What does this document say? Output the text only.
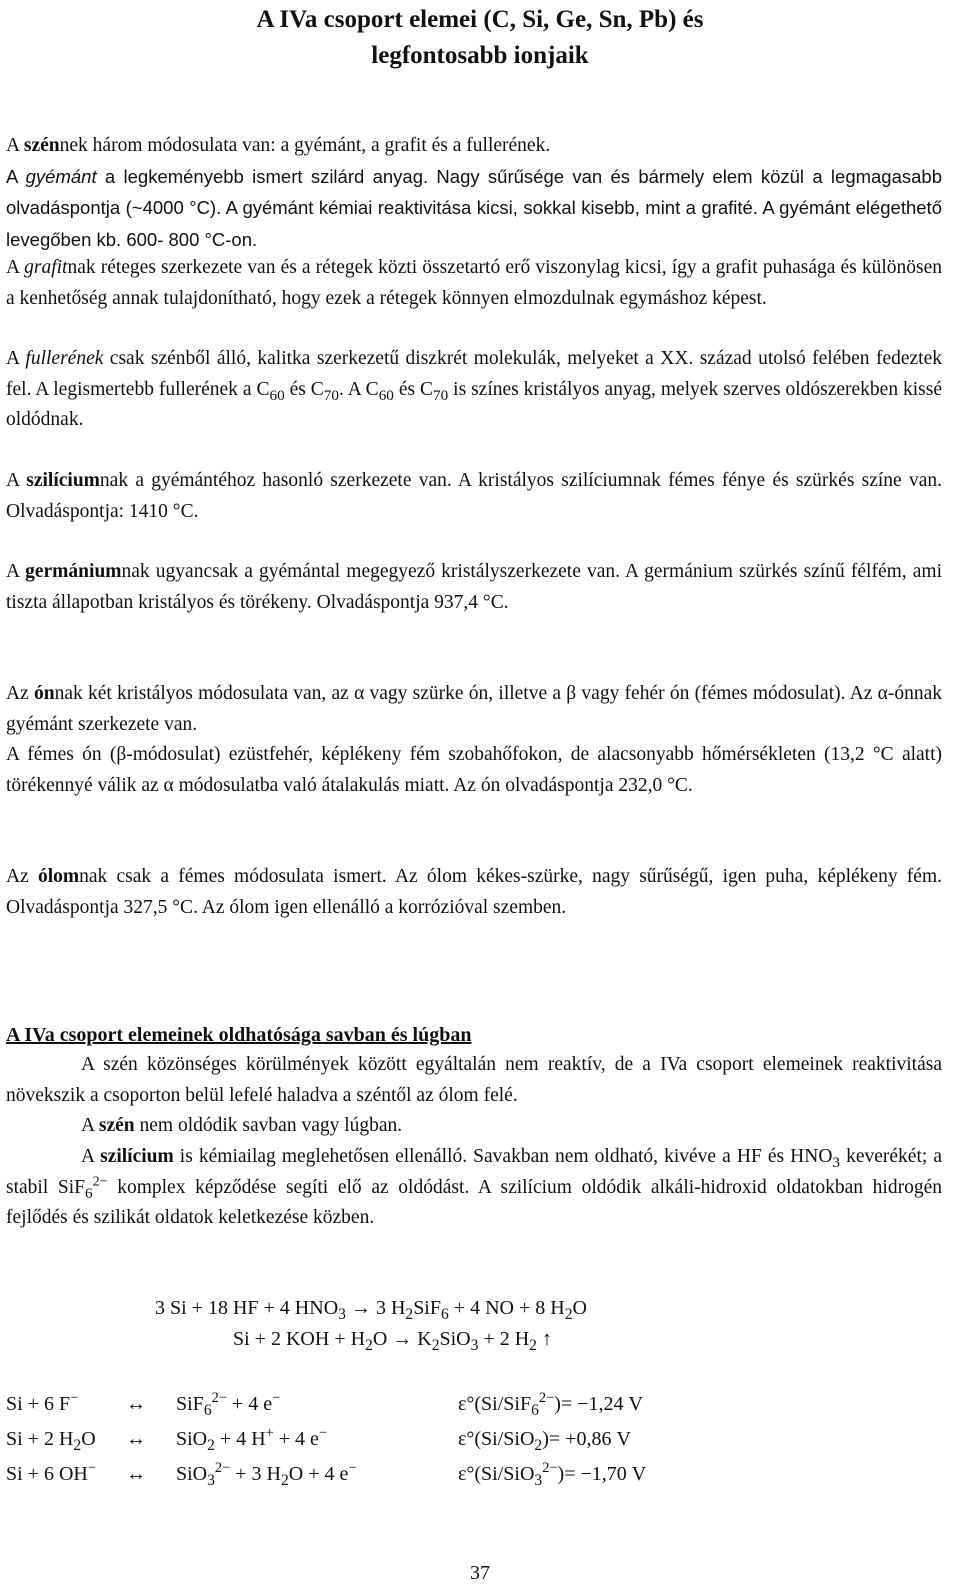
A IVa csoport elemei (C, Si, Ge, Sn, Pb) és
legfontosabb ionjaik
A szénnek három módosulata van: a gyémánt, a grafit és a fullerének.
A gyémánt a legkeményebb ismert szilárd anyag. Nagy sűrűsége van és bármely elem közül a legmagasabb olvadáspontja (~4000 °C). A gyémánt kémiai reaktivitása kicsi, sokkal kisebb, mint a grafité. A gyémánt elégethető levegőben kb. 600- 800 °C-on.
A grafitnak réteges szerkezete van és a rétegek közti összetartó erő viszonylag kicsi, így a grafit puhasága és különösen a kenhetőség annak tulajdonítható, hogy ezek a rétegek könnyen elmozdulnak egymáshoz képest.
A fullerének csak szénből álló, kalitka szerkezetű diszkrét molekulák, melyeket a XX. század utolsó felében fedeztek fel. A legismertebb fullerének a $C_{60}$ és $C_{70}$. A $C_{60}$ és $C_{70}$ is színes kristályos anyag, melyek szerves oldószerekben kissé oldódnak.
A szilíciumnak a gyémántéhoz hasonló szerkezete van. A kristályos szilíciumnak fémes fénye és szürkés színe van. Olvadáspontja: 1410 °C.
A germániumnak ugyancsak a gyémántal megegyező kristályszerkezete van. A germánium szürkés színű félfém, ami tiszta állapotban kristályos és törékeny. Olvadáspontja 937,4 °C.
Az ónnak két kristályos módosulata van, az α vagy szürke ón, illetve a β vagy fehér ón (fémes módosulat). Az α-ónnak gyémánt szerkezete van.
A fémes ón (β-módosulat) ezüstfehér, képlékeny fém szobahőfokon, de alacsonyabb hőmérsékleten (13,2 °C alatt) törékennyé válik az α módosulatba való átalakulás miatt. Az ón olvadáspontja 232,0 °C.
Az ólomnak csak a fémes módosulata ismert. Az ólom kékes-szürke, nagy sűrűségű, igen puha, képlékeny fém. Olvadáspontja 327,5 °C. Az ólom igen ellenálló a korrózióval szemben.
A IVa csoport elemeinek oldhatósága savban és lúgban
A szén közönséges körülmények között egyáltalán nem reaktív, de a IVa csoport elemeinek reaktivitása növekszik a csoporton belül lefelé haladva a széntől az ólom felé.
A szén nem oldódik savban vagy lúgban.
A szilícium is kémiailag meglehetősen ellenálló. Savakban nem oldható, kivéve a HF és $HNO_3$ keverékét; a stabil SiF$_6^{2-}$ komplex képződése segíti elő az oldódást. A szilícium oldódik alkáli-hidroxid oldatokban hidrogén fejlődés és szilikát oldatok keletkezése közben.
3 Si + 18 HF + 4 $HNO_3 \to 3$ $H_2SiF_6 + 4$ NO + 8 $H_2O$
Si + 2 KOH + $H_2O \to K_2SiO_3 + 2$ $H_2$ ↑
Si + 6 F− ↔ SiF$_6^{2-}$ + 4 e−	ε°(Si/SiF$_6^{2-}$)= −1,24 V
Si + 2 $H_2O$ ↔ SiO$_2$ + 4 H+ + 4 e−	ε°(Si/SiO$_2$)= +0,86 V
Si + 6 OH− ↔ SiO$_3^{2-}$ + 3 $H_2O + 4$ e−	ε°(Si/SiO$_3^{2-}$)= −1,70 V
37
